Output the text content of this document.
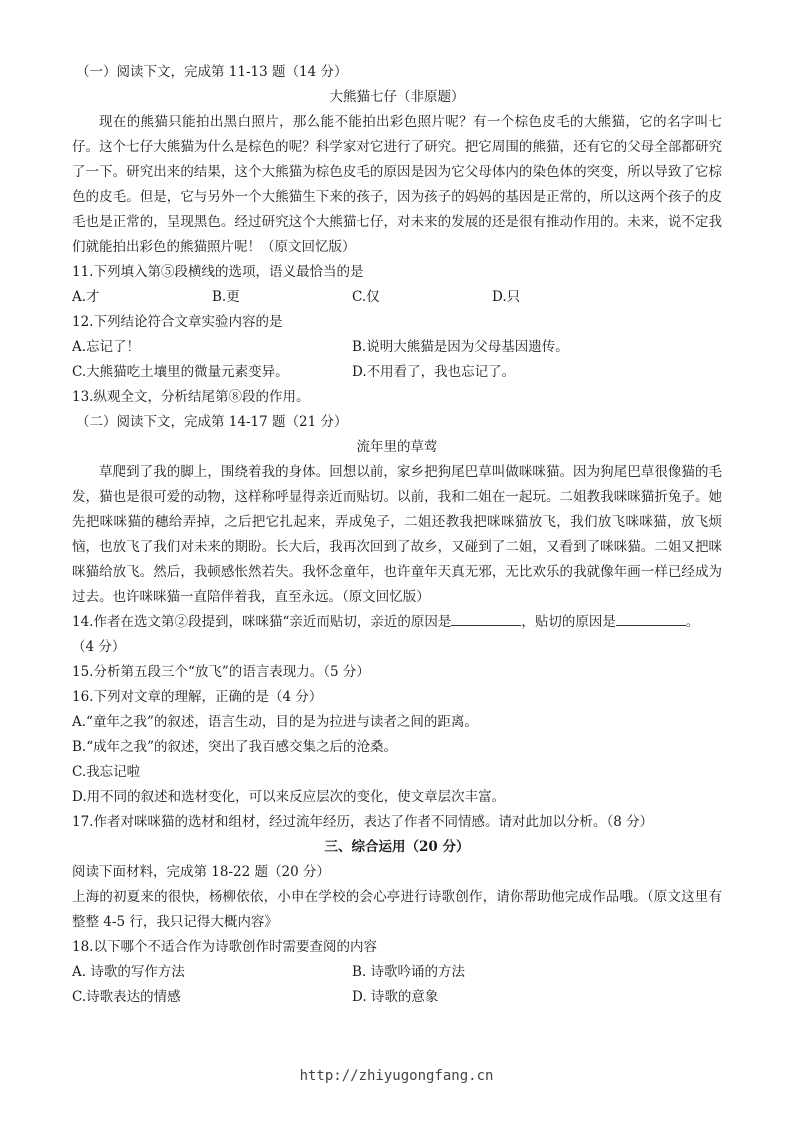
（一）阅读下文，完成第 11-13 题（14 分）
大熊猫七仔（非原题）
现在的熊猫只能拍出黑白照片，那么能不能拍出彩色照片呢？有一个棕色皮毛的大熊猫，它的名字叫七仔。这个七仔大熊猫为什么是棕色的呢？科学家对它进行了研究。把它周围的熊猫，还有它的父母全部都研究了一下。研究出来的结果，这个大熊猫为棕色皮毛的原因是因为它父母体内的染色体的突变，所以导致了它棕色的皮毛。但是，它与另外一个大熊猫生下来的孩子，因为孩子的妈妈的基因是正常的，所以这两个孩子的皮毛也是正常的，呈现黑色。经过研究这个大熊猫七仔，对未来的发展的还是很有推动作用的。未来，说不定我们就能拍出彩色的熊猫照片呢！（原文回忆版）
11.下列填入第⑤段横线的选项，语义最恰当的是
A.才	B.更	C.仅	D.只
12.下列结论符合文章实验内容的是
A.忘记了！	B.说明大熊猫是因为父母基因遗传。
C.大熊猫吃土壤里的微量元素变异。	D.不用看了，我也忘记了。
13.纵观全文，分析结尾第⑧段的作用。
（二）阅读下文，完成第 14-17 题（21 分）
流年里的草莺
草爬到了我的脚上，围绕着我的身体。回想以前，家乡把狗尾巴草叫做咪咪猫。因为狗尾巴草很像猫的毛发，猫也是很可爱的动物，这样称呼显得亲近而贴切。以前，我和二姐在一起玩。二姐教我咪咪猫折兔子。她先把咪咪猫的穗给弄掉，之后把它扎起来，弄成兔子，二姐还教我把咪咪猫放飞，我们放飞咪咪猫，放飞烦恼，也放飞了我们对未来的期盼。长大后，我再次回到了故乡，又碰到了二姐，又看到了咪咪猫。二姐又把咪咪猫给放飞。然后，我顿感怅然若失。我怀念童年，也许童年天真无邪，无比欢乐的我就像年画一样已经成为过去。也许咪咪猫一直陪伴着我，直至永远。（原文回忆版）
14.作者在选文第②段提到，咪咪猫“亲近而贴切，亲近的原因是	，贴切的原因是	。
（4 分）
15.分析第五段三个“放飞”的语言表现力。（5 分）
16.下列对文章的理解，正确的是（4 分）
A.“童年之我”的叙述，语言生动，目的是为拉进与读者之间的距离。
B.“成年之我”的叙述，突出了我百感交集之后的沧桑。
C.我忘记啦
D.用不同的叙述和选材变化，可以来反应层次的变化，使文章层次丰富。
17.作者对咪咪猫的选材和组材，经过流年经历，表达了作者不同情感。请对此加以分析。（8 分）
三、综合运用（20 分）
阅读下面材料，完成第 18-22 题（20 分）
上海的初夏来的很快，杨柳依依，小申在学校的会心亭进行诗歌创作，请你帮助他完成作品哦。（原文这里有整整 4-5 行，我只记得大概内容》
18.以下哪个不适合作为诗歌创作时需要查阅的内容
A. 诗歌的写作方法	B. 诗歌吟诵的方法
C.诗歌表达的情感	D. 诗歌的意象
http://zhiyugongfang.cn
